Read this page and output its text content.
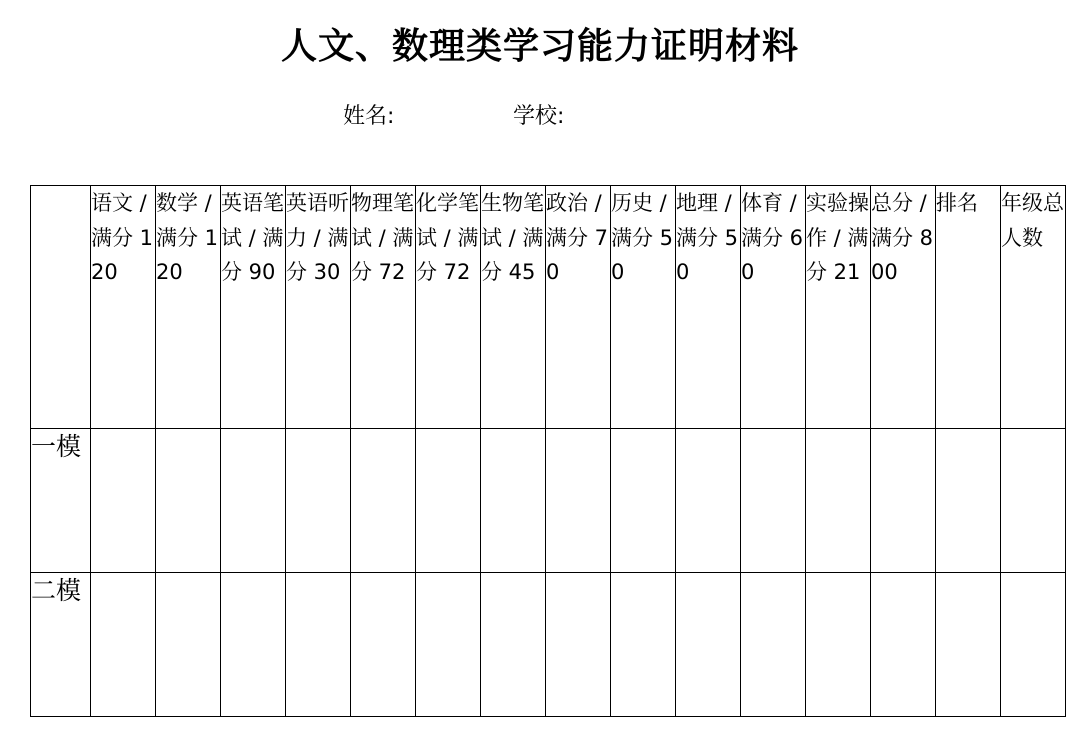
人文、数理类学习能力证明材料
姓名:	学校:
	语文 / 满分 120	数学 / 满分 120	英语笔试 / 满分 90	英语听力 / 满分 30	物理笔试 / 满分 72	化学笔试 / 满分 72	生物笔试 / 满分 45	政治 / 满分 70	历史 / 满分 50	地理 / 满分 50	体育 / 满分 60	实验操作 / 满分 21	总分 / 满分 800	排名	年级总人数
一模															
二模															
